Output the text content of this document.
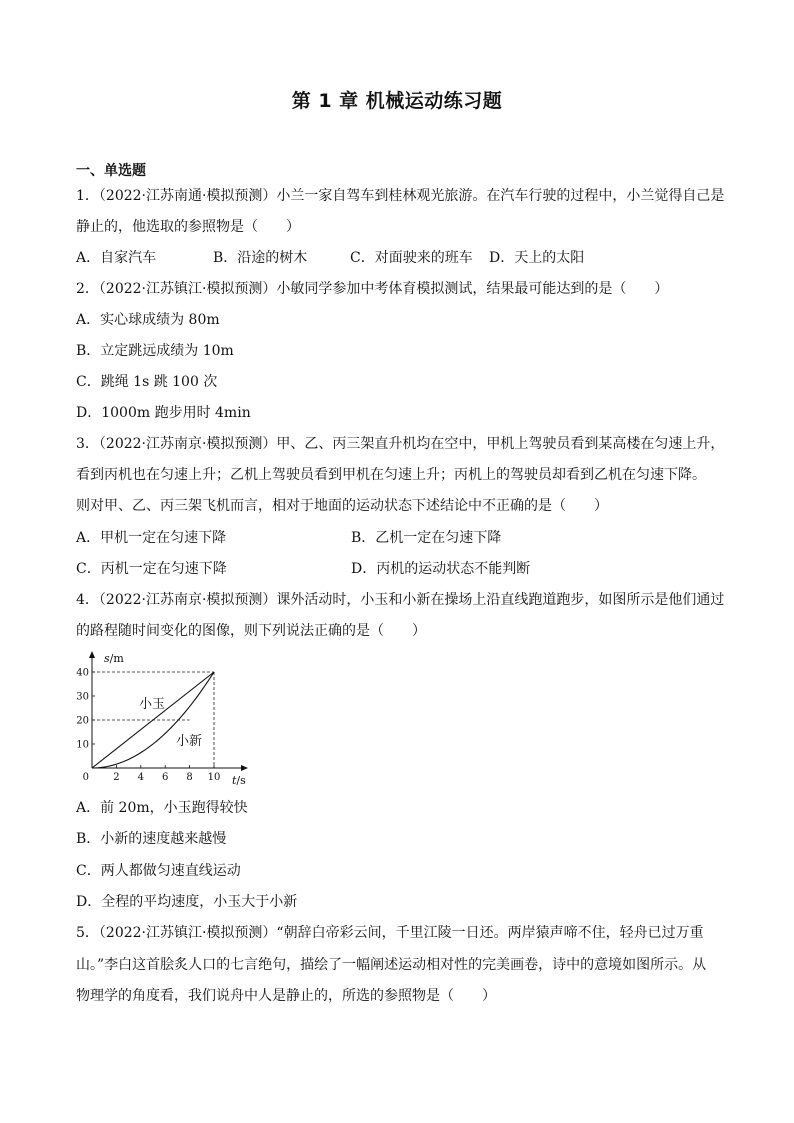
第 1 章 机械运动练习题
一、单选题
1．（2022·江苏南通·模拟预测）小兰一家自驾车到桂林观光旅游。在汽车行驶的过程中，小兰觉得自己是
静止的，他选取的参照物是（　　）
A．自家汽车	B．沿途的树木	C．对面驶来的班车 D．天上的太阳
2．（2022·江苏镇江·模拟预测）小敏同学参加中考体育模拟测试，结果最可能达到的是（　　）
A．实心球成绩为 80m
B．立定跳远成绩为 10m
C．跳绳 1s 跳 100 次
D．1000m 跑步用时 4min
3．（2022·江苏南京·模拟预测）甲、乙、丙三架直升机均在空中，甲机上驾驶员看到某高楼在匀速上升，
看到丙机也在匀速上升；乙机上驾驶员看到甲机在匀速上升；丙机上的驾驶员却看到乙机在匀速下降。
则对甲、乙、丙三架飞机而言，相对于地面的运动状态下述结论中不正确的是（　　）
A．甲机一定在匀速下降	B．乙机一定在匀速下降
C．丙机一定在匀速下降	D．丙机的运动状态不能判断
4．（2022·江苏南京·模拟预测）课外活动时，小玉和小新在操场上沿直线跑道跑步，如图所示是他们通过
的路程随时间变化的图像，则下列说法正确的是（　　）
2 4 6 8 10
10
20
30
40
0
s/m
t/s
小玉
小新
A．前 20m，小玉跑得较快
B．小新的速度越来越慢
C．两人都做匀速直线运动
D．全程的平均速度，小玉大于小新
5．（2022·江苏镇江·模拟预测）“朝辞白帝彩云间，千里江陵一日还。两岸猿声啼不住，轻舟已过万重
山。”李白这首脍炙人口的七言绝句，描绘了一幅阐述运动相对性的完美画卷，诗中的意境如图所示。从
物理学的角度看，我们说舟中人是静止的，所选的参照物是（　　）
